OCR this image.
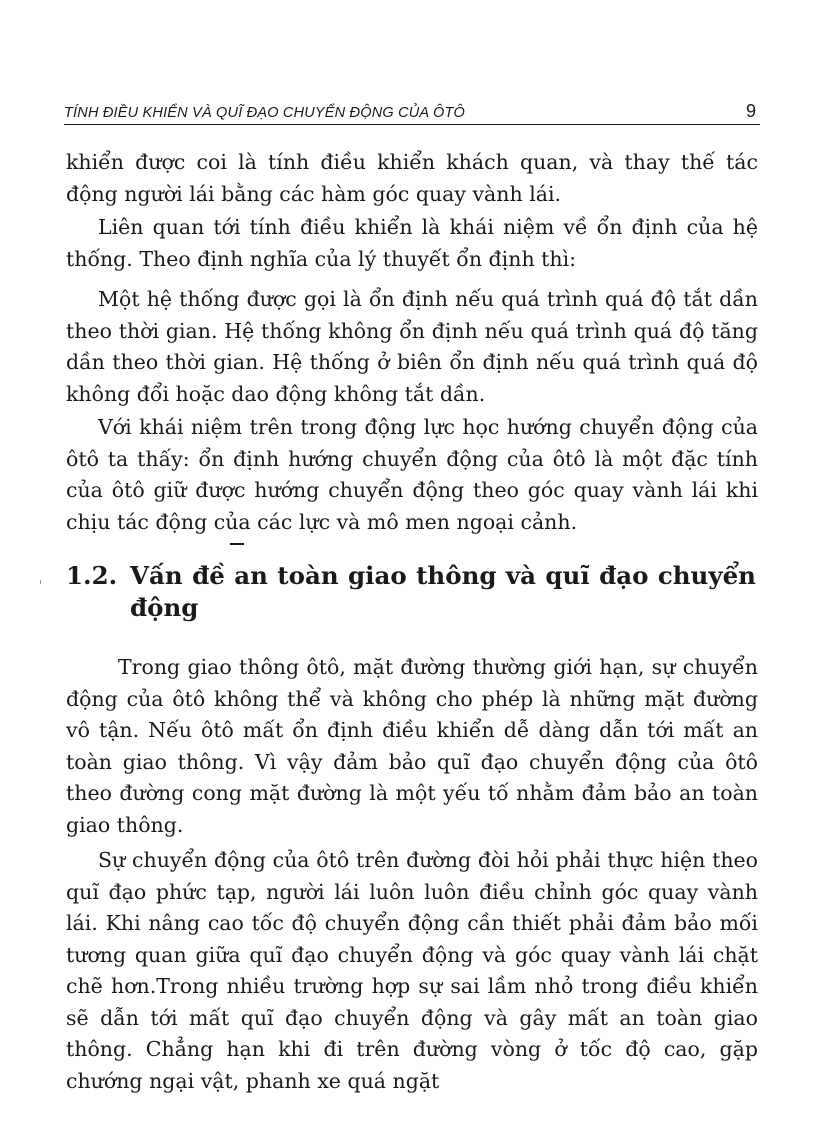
TÍNH ĐIỀU KHIỂN VÀ QUĨ ĐẠO CHUYỂN ĐỘNG CỦA ÔTÔ	9

khiển được coi là tính điều khiển khách quan, và thay thế tác động người lái bằng các hàm góc quay vành lái.

Liên quan tới tính điều khiển là khái niệm về ổn định của hệ thống. Theo định nghĩa của lý thuyết ổn định thì:

Một hệ thống được gọi là ổn định nếu quá trình quá độ tắt dần theo thời gian. Hệ thống không ổn định nếu quá trình quá độ tăng dần theo thời gian. Hệ thống ở biên ổn định nếu quá trình quá độ không đổi hoặc dao động không tắt dần.

Với khái niệm trên trong động lực học hướng chuyển động của ôtô ta thấy: ổn định hướng chuyển động của ôtô là một đặc tính của ôtô giữ được hướng chuyển động theo góc quay vành lái khi chịu tác động của các lực và mô men ngoại cảnh.

1.2. Vấn đề an toàn giao thông và quĩ đạo chuyển động

Trong giao thông ôtô, mặt đường thường giới hạn, sự chuyển động của ôtô không thể và không cho phép là những mặt đường vô tận. Nếu ôtô mất ổn định điều khiển dễ dàng dẫn tới mất an toàn giao thông. Vì vậy đảm bảo quĩ đạo chuyển động của ôtô theo đường cong mặt đường là một yếu tố nhằm đảm bảo an toàn giao thông.

Sự chuyển động của ôtô trên đường đòi hỏi phải thực hiện theo quĩ đạo phức tạp, người lái luôn luôn điều chỉnh góc quay vành lái. Khi nâng cao tốc độ chuyển động cần thiết phải đảm bảo mối tương quan giữa quĩ đạo chuyển động và góc quay vành lái chặt chẽ hơn.Trong nhiều trường hợp sự sai lầm nhỏ trong điều khiển sẽ dẫn tới mất quĩ đạo chuyển động và gây mất an toàn giao thông. Chẳng hạn khi đi trên đường vòng ở tốc độ cao, gặp chướng ngại vật, phanh xe quá ngặt
